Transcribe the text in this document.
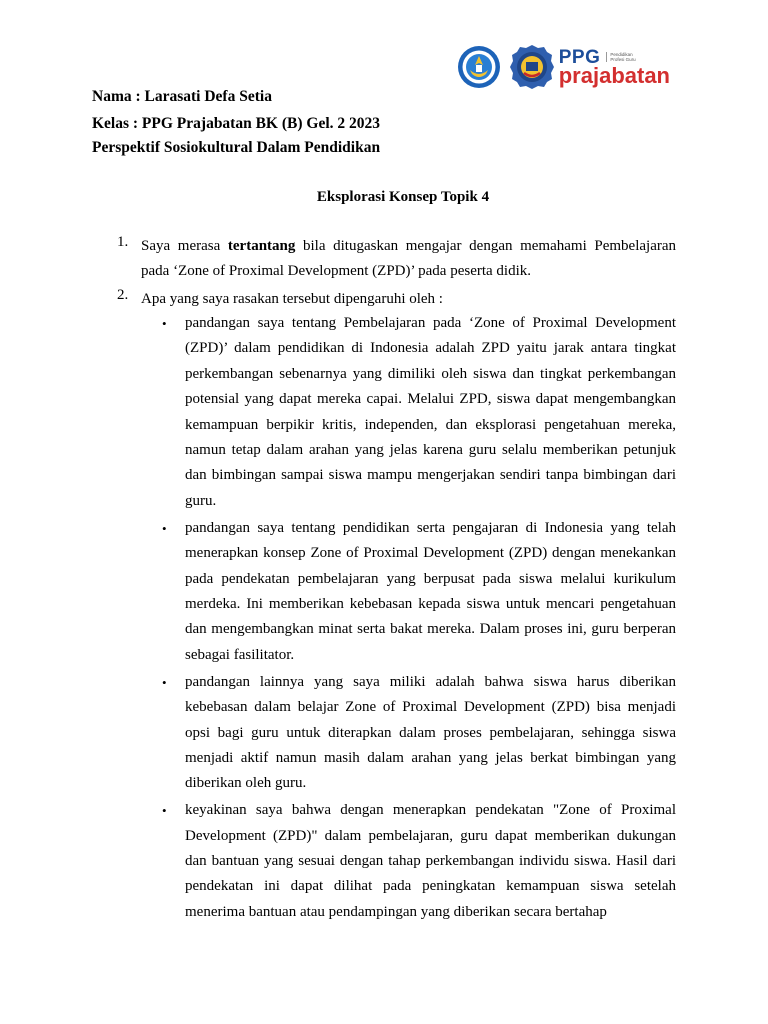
PPG	Pendidikan Profesi Guru
prajabatan
Nama : Larasati Defa Setia
Kelas : PPG Prajabatan BK (B) Gel. 2 2023
Perspektif Sosiokultural Dalam Pendidikan
Eksplorasi Konsep Topik 4
1. Saya merasa tertantang bila ditugaskan mengajar dengan memahami Pembelajaran pada ‘Zone of Proximal Development (ZPD)’ pada peserta didik.
2. Apa yang saya rasakan tersebut dipengaruhi oleh :
• pandangan saya tentang Pembelajaran pada ‘Zone of Proximal Development (ZPD)’ dalam pendidikan di Indonesia adalah ZPD yaitu jarak antara tingkat perkembangan sebenarnya yang dimiliki oleh siswa dan tingkat perkembangan potensial yang dapat mereka capai. Melalui ZPD, siswa dapat mengembangkan kemampuan berpikir kritis, independen, dan eksplorasi pengetahuan mereka, namun tetap dalam arahan yang jelas karena guru selalu memberikan petunjuk dan bimbingan sampai siswa mampu mengerjakan sendiri tanpa bimbingan dari guru.
• pandangan saya tentang pendidikan serta pengajaran di Indonesia yang telah menerapkan konsep Zone of Proximal Development (ZPD) dengan menekankan pada pendekatan pembelajaran yang berpusat pada siswa melalui kurikulum merdeka. Ini memberikan kebebasan kepada siswa untuk mencari pengetahuan dan mengembangkan minat serta bakat mereka. Dalam proses ini, guru berperan sebagai fasilitator.
• pandangan lainnya yang saya miliki adalah bahwa siswa harus diberikan kebebasan dalam belajar Zone of Proximal Development (ZPD) bisa menjadi opsi bagi guru untuk diterapkan dalam proses pembelajaran, sehingga siswa menjadi aktif namun masih dalam arahan yang jelas berkat bimbingan yang diberikan oleh guru.
• keyakinan saya bahwa dengan menerapkan pendekatan "Zone of Proximal Development (ZPD)" dalam pembelajaran, guru dapat memberikan dukungan dan bantuan yang sesuai dengan tahap perkembangan individu siswa. Hasil dari pendekatan ini dapat dilihat pada peningkatan kemampuan siswa setelah menerima bantuan atau pendampingan yang diberikan secara bertahap
